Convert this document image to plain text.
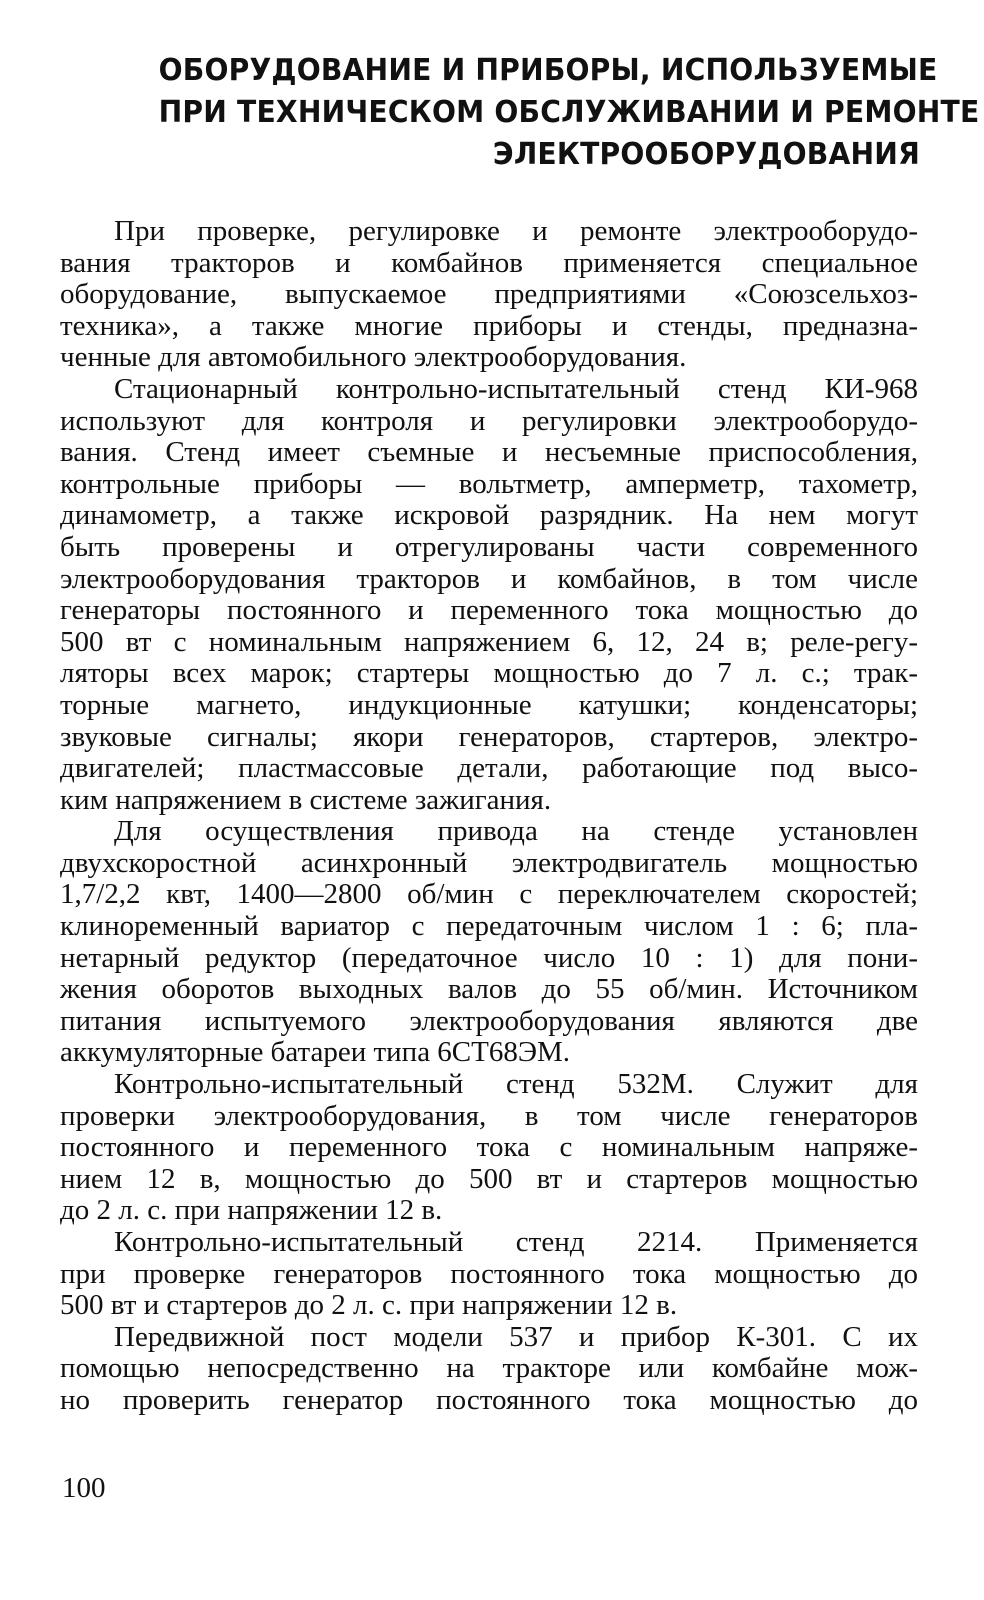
ОБОРУДОВАНИЕ И ПРИБОРЫ, ИСПОЛЬЗУЕМЫЕ
ПРИ ТЕХНИЧЕСКОМ ОБСЛУЖИВАНИИ И РЕМОНТЕ
ЭЛЕКТРООБОРУДОВАНИЯ
При проверке, регулировке и ремонте электрооборудо-
вания тракторов и комбайнов применяется специальное
оборудование, выпускаемое предприятиями «Союзсельхоз-
техника», а также многие приборы и стенды, предназна-
ченные для автомобильного электрооборудования.
Стационарный контрольно-испытательный стенд КИ-968
используют для контроля и регулировки электрооборудо-
вания. Стенд имеет съемные и несъемные приспособления,
контрольные приборы — вольтметр, амперметр, тахометр,
динамометр, а также искровой разрядник. На нем могут
быть проверены и отрегулированы части современного
электрооборудования тракторов и комбайнов, в том числе
генераторы постоянного и переменного тока мощностью до
500 вт с номинальным напряжением 6, 12, 24 в; реле-регу-
ляторы всех марок; стартеры мощностью до 7 л. с.; трак-
торные магнето, индукционные катушки; конденсаторы;
звуковые сигналы; якори генераторов, стартеров, электро-
двигателей; пластмассовые детали, работающие под высо-
ким напряжением в системе зажигания.
Для осуществления привода на стенде установлен
двухскоростной асинхронный электродвигатель мощностью
1,7/2,2 квт, 1400—2800 об/мин с переключателем скоростей;
клиноременный вариатор с передаточным числом 1 : 6; пла-
нетарный редуктор (передаточное число 10 : 1) для пони-
жения оборотов выходных валов до 55 об/мин. Источником
питания испытуемого электрооборудования являются две
аккумуляторные батареи типа 6СТ68ЭМ.
Контрольно-испытательный стенд 532М. Служит для
проверки электрооборудования, в том числе генераторов
постоянного и переменного тока с номинальным напряже-
нием 12 в, мощностью до 500 вт и стартеров мощностью
до 2 л. с. при напряжении 12 в.
Контрольно-испытательный стенд 2214. Применяется
при проверке генераторов постоянного тока мощностью до
500 вт и стартеров до 2 л. с. при напряжении 12 в.
Передвижной пост модели 537 и прибор К-301. С их
помощью непосредственно на тракторе или комбайне мож-
но проверить генератор постоянного тока мощностью до
100
